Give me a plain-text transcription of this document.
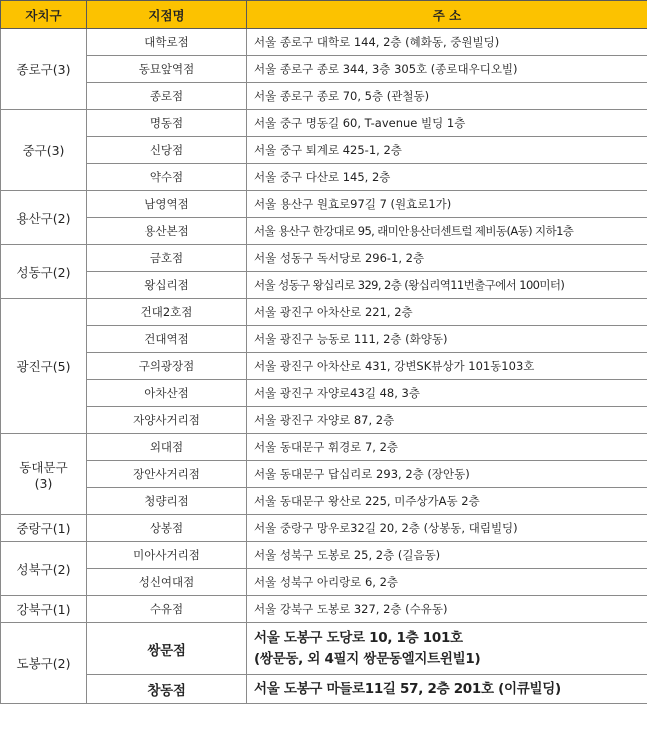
자치구	지점명	주 소
종로구(3)	대학로점	서울 종로구 대학로 144, 2층 (혜화동, 중원빌딩)
	동묘앞역점	서울 종로구 종로 344, 3층 305호 (종로대우디오빌)
	종로점	서울 종로구 종로 70, 5층 (관철동)
중구(3)	명동점	서울 중구 명동길 60, T-avenue 빌딩 1층
	신당점	서울 중구 퇴계로 425-1, 2층
	약수점	서울 중구 다산로 145, 2층
용산구(2)	남영역점	서울 용산구 원효로97길 7 (원효로1가)
	용산본점	서울 용산구 한강대로 95, 래미안용산더센트럴 제비동(A동) 지하1층
성동구(2)	금호점	서울 성동구 독서당로 296-1, 2층
	왕십리점	서울 성동구 왕십리로 329, 2층 (왕십리역11번출구에서 100미터)
광진구(5)	건대2호점	서울 광진구 아차산로 221, 2층
	건대역점	서울 광진구 능동로 111, 2층 (화양동)
	구의광장점	서울 광진구 아차산로 431, 강변SK뷰상가 101동103호
	아차산점	서울 광진구 자양로43길 48, 3층
	자양사거리점	서울 광진구 자양로 87, 2층
동대문구
(3)	외대점	서울 동대문구 휘경로 7, 2층
	장안사거리점	서울 동대문구 답십리로 293, 2층 (장안동)
	청량리점	서울 동대문구 왕산로 225, 미주상가A동 2층
중랑구(1)	상봉점	서울 중랑구 망우로32길 20, 2층 (상봉동, 대림빌딩)
성북구(2)	미아사거리점	서울 성북구 도봉로 25, 2층 (길음동)
	성신여대점	서울 성북구 아리랑로 6, 2층
강북구(1)	수유점	서울 강북구 도봉로 327, 2층 (수유동)
도봉구(2)	쌍문점	서울 도봉구 도당로 10, 1층 101호
(쌍문동, 외 4필지 쌍문동엘지트윈빌1)
	창동점	서울 도봉구 마들로11길 57, 2층 201호 (이큐빌딩)
